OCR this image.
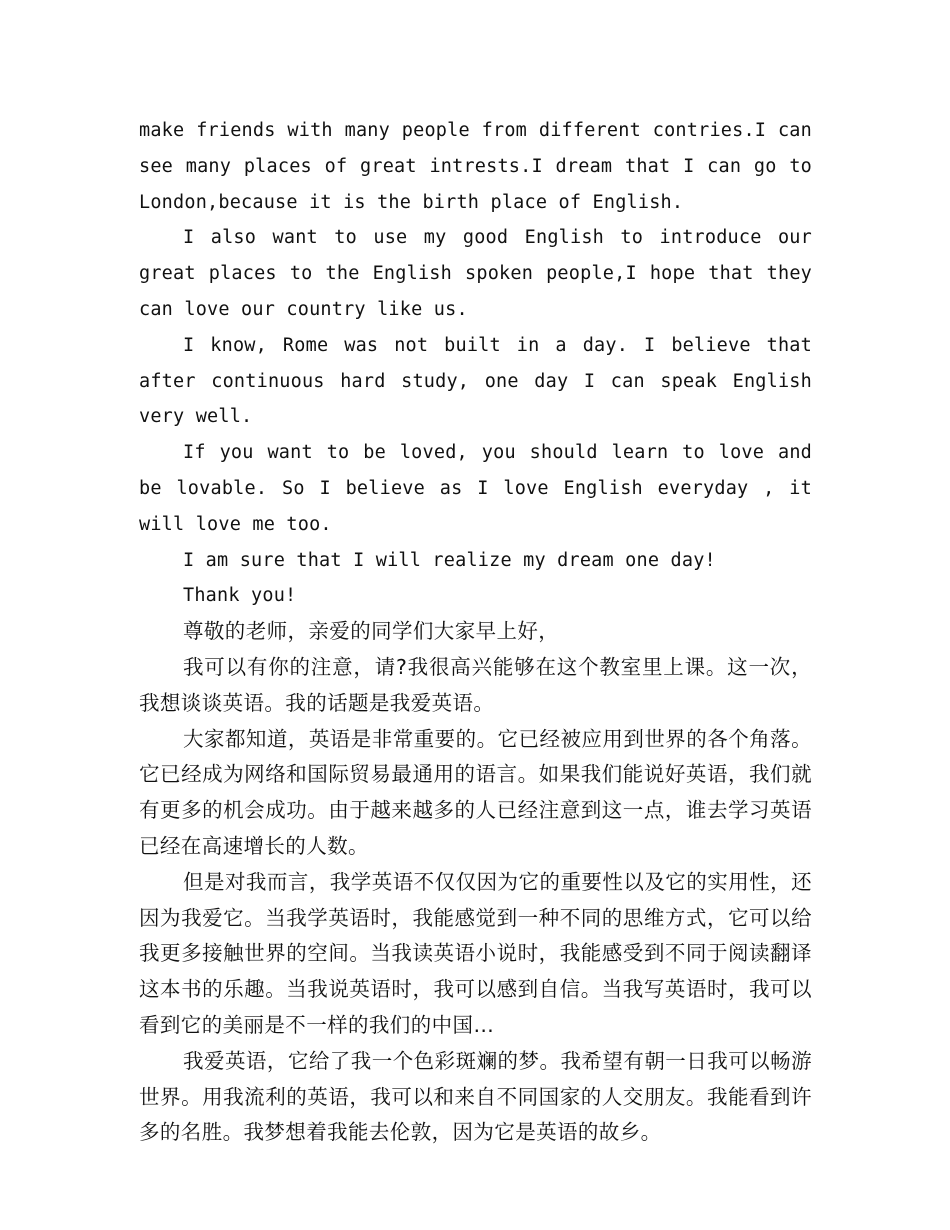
make friends with many people from different contries.I can see many places of great intrests.I dream that I can go to London,because it is the birth place of English.

I also want to use my good English to introduce our great places to the English spoken people,I hope that they can love our country like us.

I know, Rome was not built in a day. I believe that after continuous hard study, one day I can speak English very well.

If you want to be loved, you should learn to love and be lovable. So I believe as I love English everyday , it will love me too.

I am sure that I will realize my dream one day!

Thank you!

尊敬的老师，亲爱的同学们大家早上好，

我可以有你的注意，请?我很高兴能够在这个教室里上课。这一次，我想谈谈英语。我的话题是我爱英语。

大家都知道，英语是非常重要的。它已经被应用到世界的各个角落。它已经成为网络和国际贸易最通用的语言。如果我们能说好英语，我们就有更多的机会成功。由于越来越多的人已经注意到这一点，谁去学习英语已经在高速增长的人数。

但是对我而言，我学英语不仅仅因为它的重要性以及它的实用性，还因为我爱它。当我学英语时，我能感觉到一种不同的思维方式，它可以给我更多接触世界的空间。当我读英语小说时，我能感受到不同于阅读翻译这本书的乐趣。当我说英语时，我可以感到自信。当我写英语时，我可以看到它的美丽是不一样的我们的中国…

我爱英语，它给了我一个色彩斑斓的梦。我希望有朝一日我可以畅游世界。用我流利的英语，我可以和来自不同国家的人交朋友。我能看到许多的名胜。我梦想着我能去伦敦，因为它是英语的故乡。
